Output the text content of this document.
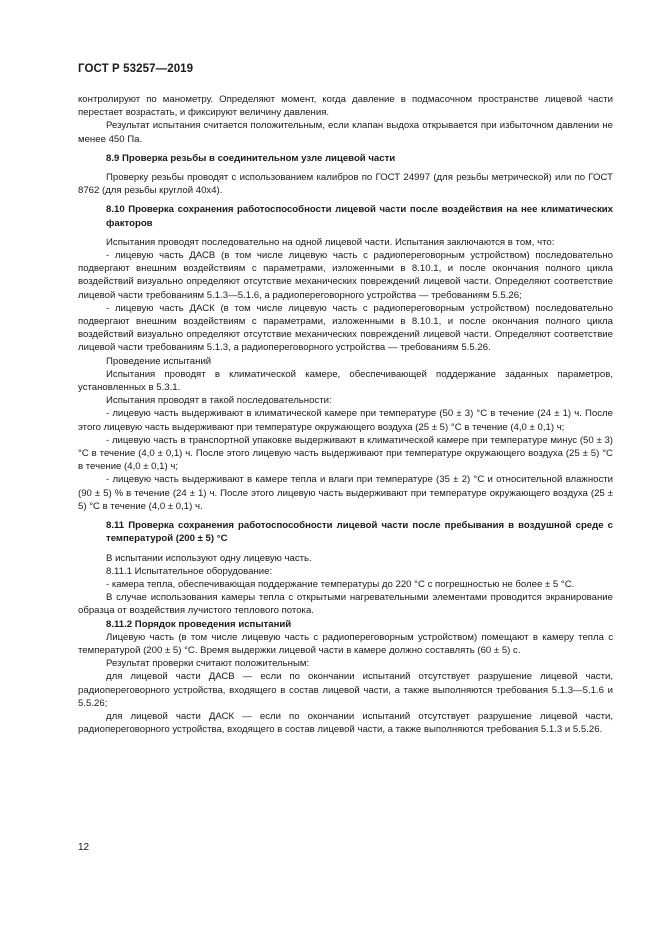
ГОСТ Р 53257—2019

контролируют по манометру. Определяют момент, когда давление в подмасочном пространстве лицевой части перестает возрастать, и фиксируют величину давления.

Результат испытания считается положительным, если клапан выдоха открывается при избыточном давлении не менее 450 Па.

8.9 Проверка резьбы в соединительном узле лицевой части

Проверку резьбы проводят с использованием калибров по ГОСТ 24997 (для резьбы метрической) или по ГОСТ 8762 (для резьбы круглой 40х4).

8.10 Проверка сохранения работоспособности лицевой части после воздействия на нее климатических факторов

Испытания проводят последовательно на одной лицевой части. Испытания заключаются в том, что:

- лицевую часть ДАСВ (в том числе лицевую часть с радиопереговорным устройством) последовательно подвергают внешним воздействиям с параметрами, изложенными в 8.10.1, и после окончания полного цикла воздействий визуально определяют отсутствие механических повреждений лицевой части. Определяют соответствие лицевой части требованиям 5.1.3—5.1.6, а радиопереговорного устройства — требованиям 5.5.26;

- лицевую часть ДАСК (в том числе лицевую часть с радиопереговорным устройством) последовательно подвергают внешним воздействиям с параметрами, изложенными в 8.10.1, и после окончания полного цикла воздействий визуально определяют отсутствие механических повреждений лицевой части. Определяют соответствие лицевой части требованиям 5.1.3, а радиопереговорного устройства — требованиям 5.5.26.

Проведение испытаний

Испытания проводят в климатической камере, обеспечивающей поддержание заданных параметров, установленных в 5.3.1.

Испытания проводят в такой последовательности:

- лицевую часть выдерживают в климатической камере при температуре (50 ± 3) °C в течение (24 ± 1) ч. После этого лицевую часть выдерживают при температуре окружающего воздуха (25 ± 5) °C в течение (4,0 ± 0,1) ч;

- лицевую часть в транспортной упаковке выдерживают в климатической камере при температуре минус (50 ± 3) °C в течение (4,0 ± 0,1) ч. После этого лицевую часть выдерживают при температуре окружающего воздуха (25 ± 5) °C в течение (4,0 ± 0,1) ч;

- лицевую часть выдерживают в камере тепла и влаги при температуре (35 ± 2) °C и относительной влажности (90 ± 5) % в течение (24 ± 1) ч. После этого лицевую часть выдерживают при температуре окружающего воздуха (25 ± 5) °C в течение (4,0 ± 0,1) ч.

8.11 Проверка сохранения работоспособности лицевой части после пребывания в воздушной среде с температурой (200 ± 5) °C

В испытании используют одну лицевую часть.

8.11.1 Испытательное оборудование:

- камера тепла, обеспечивающая поддержание температуры до 220 °C с погрешностью не более ± 5 °C.

В случае использования камеры тепла с открытыми нагревательными элементами проводится экранирование образца от воздействия лучистого теплового потока.

8.11.2 Порядок проведения испытаний

Лицевую часть (в том числе лицевую часть с радиопереговорным устройством) помещают в камеру тепла с температурой (200 ± 5) °C. Время выдержки лицевой части в камере должно составлять (60 ± 5) с.

Результат проверки считают положительным:

для лицевой части ДАСВ — если по окончании испытаний отсутствует разрушение лицевой части, радиопереговорного устройства, входящего в состав лицевой части, а также выполняются требования 5.1.3—5.1.6 и 5.5.26;

для лицевой части ДАСК — если по окончании испытаний отсутствует разрушение лицевой части, радиопереговорного устройства, входящего в состав лицевой части, а также выполняются требования 5.1.3 и 5.5.26.

12
